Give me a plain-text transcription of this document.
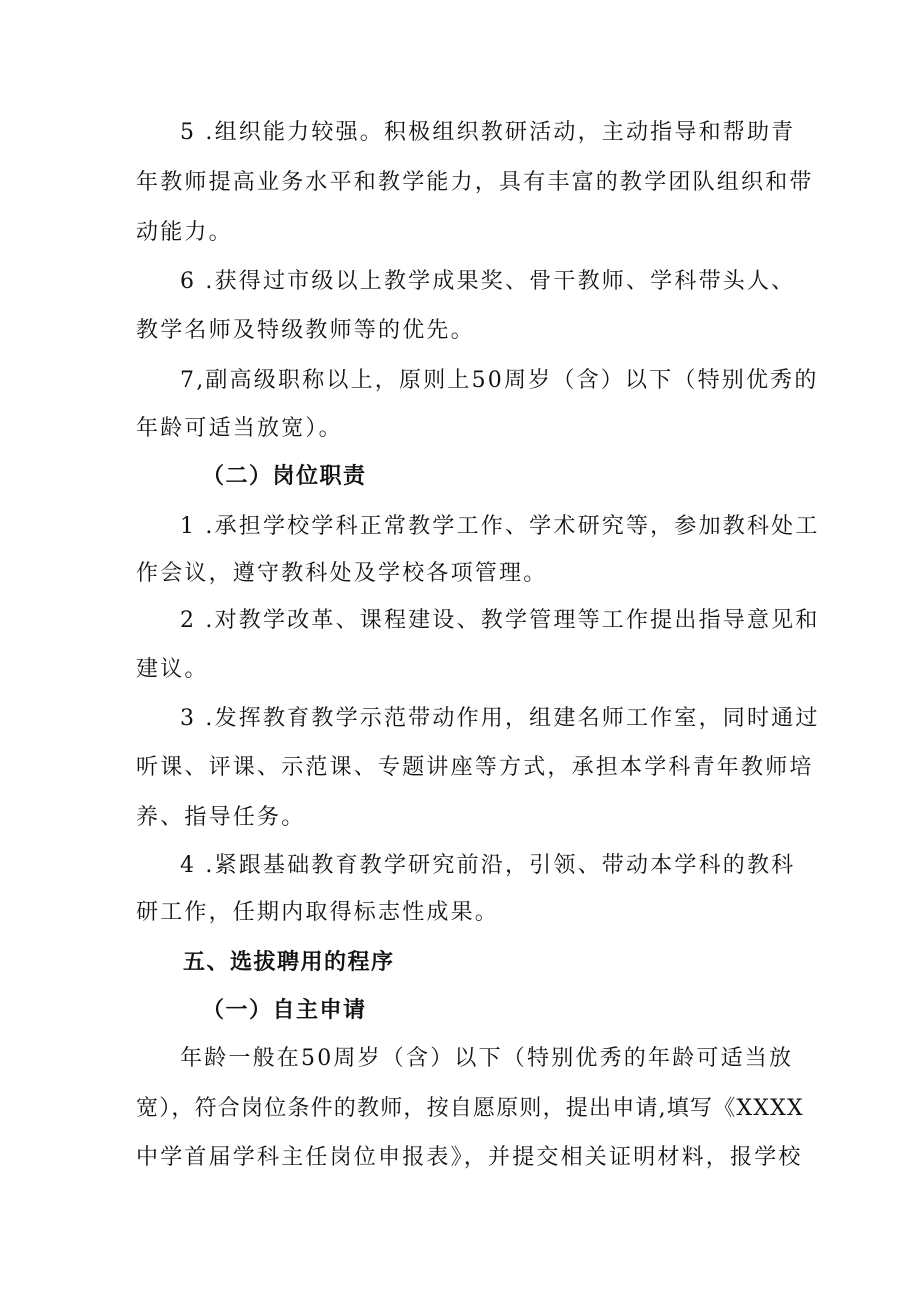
5 .组织能力较强。积极组织教研活动，主动指导和帮助青
年教师提高业务水平和教学能力，具有丰富的教学团队组织和带
动能力。
6 .获得过市级以上教学成果奖、骨干教师、学科带头人、
教学名师及特级教师等的优先。
7,副高级职称以上，原则上50周岁（含）以下（特别优秀的
年龄可适当放宽）。
（二）岗位职责
1 .承担学校学科正常教学工作、学术研究等，参加教科处工
作会议，遵守教科处及学校各项管理。
2 .对教学改革、课程建设、教学管理等工作提出指导意见和
建议。
3 .发挥教育教学示范带动作用，组建名师工作室，同时通过
听课、评课、示范课、专题讲座等方式，承担本学科青年教师培
养、指导任务。
4 .紧跟基础教育教学研究前沿，引领、带动本学科的教科
研工作，任期内取得标志性成果。
五、选拔聘用的程序
（一）自主申请
年龄一般在50周岁（含）以下（特别优秀的年龄可适当放
宽），符合岗位条件的教师，按自愿原则，提出申请,填写《XXXX
中学首届学科主任岗位申报表》，并提交相关证明材料，报学校
